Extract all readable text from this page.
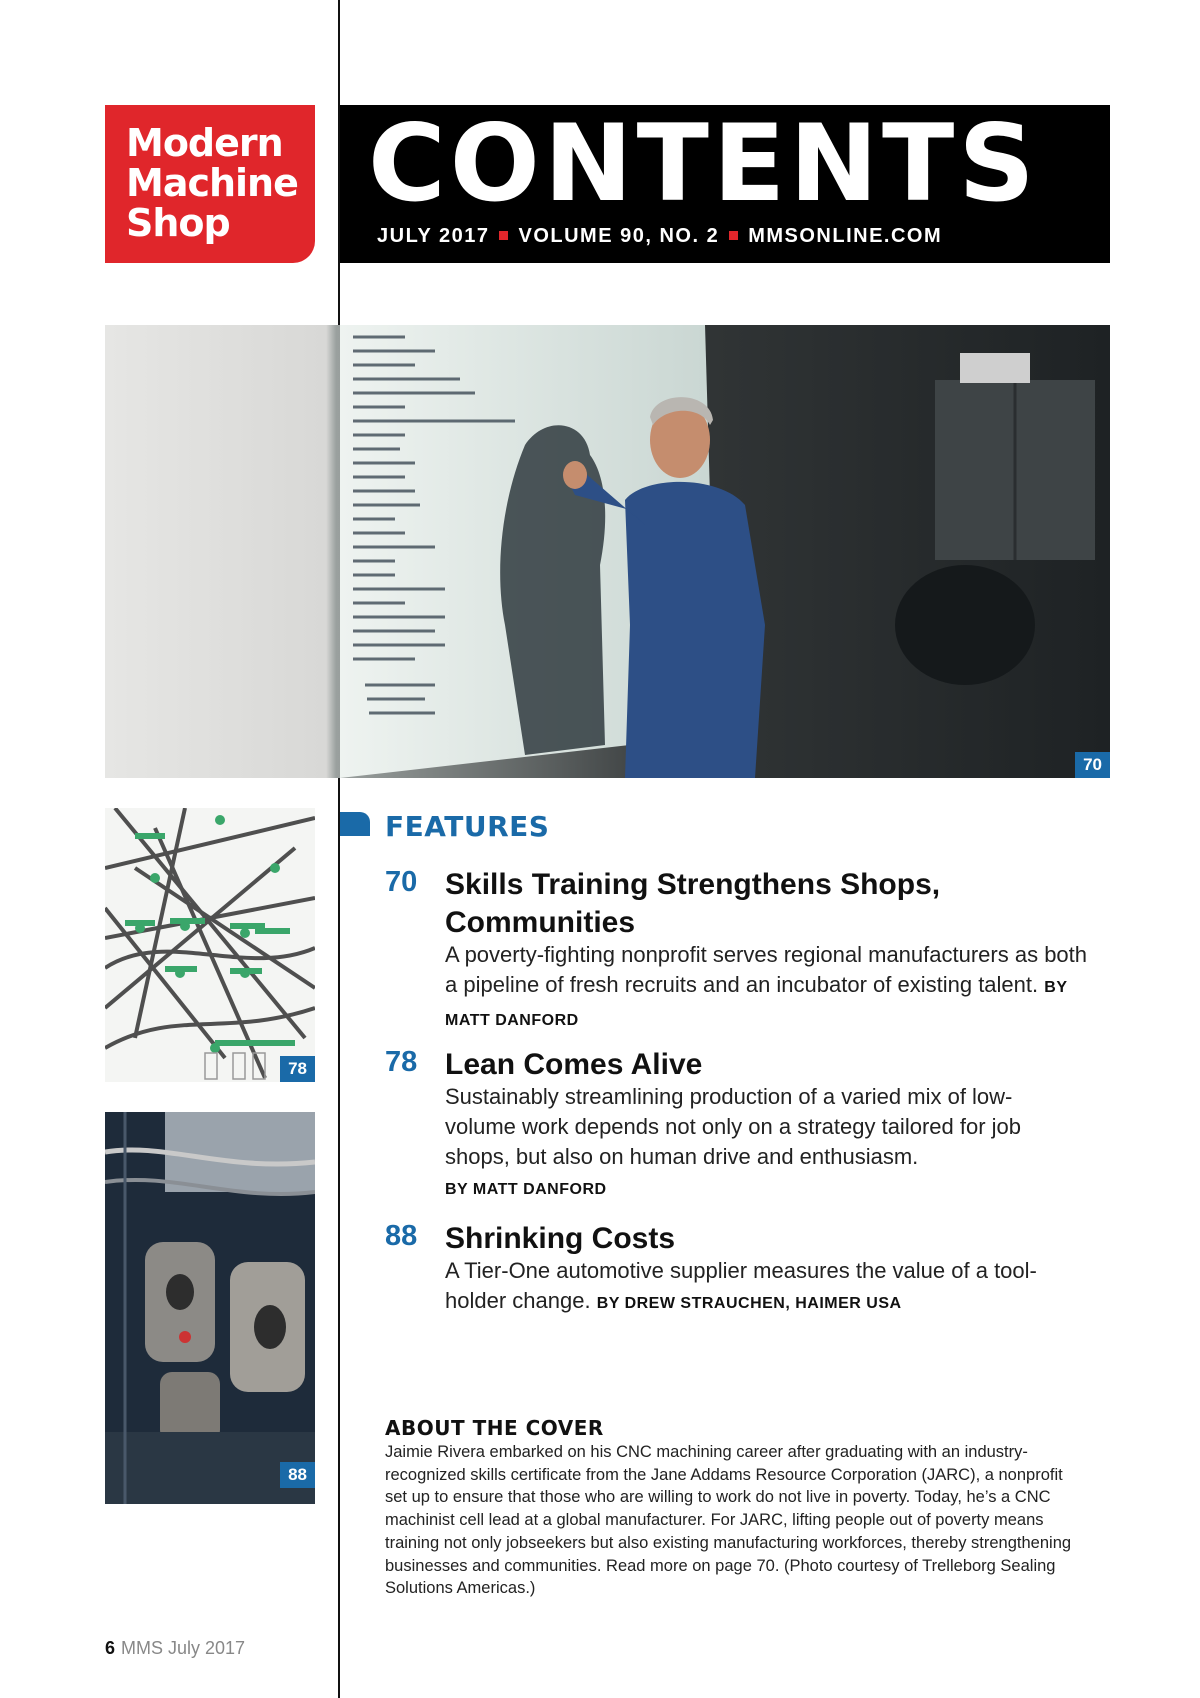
Modern
Machine
Shop	CONTENTS
JULY 2017 VOLUME 90, NO. 2 MMSONLINE.COM
70
78
88
FEATURES
70 Skills Training Strengthens Shops, Communities
A poverty-fighting nonprofit serves regional manufacturers as both a pipeline of fresh recruits and an incubator of existing talent. BY MATT DANFORD
78 Lean Comes Alive
Sustainably streamlining production of a varied mix of low-volume work depends not only on a strategy tailored for job shops, but also on human drive and enthusiasm.
BY MATT DANFORD
88 Shrinking Costs
A Tier-One automotive supplier measures the value of a tool-holder change. BY DREW STRAUCHEN, HAIMER USA
ABOUT THE COVER
Jaimie Rivera embarked on his CNC machining career after graduating with an industry-recognized skills certificate from the Jane Addams Resource Corporation (JARC), a nonprofit set up to ensure that those who are willing to work do not live in poverty. Today, he’s a CNC machinist cell lead at a global manufacturer. For JARC, lifting people out of poverty means training not only jobseekers but also existing manufacturing workforces, thereby strengthening businesses and communities. Read more on page 70. (Photo courtesy of Trelleborg Sealing Solutions Americas.)
6 MMS July 2017
